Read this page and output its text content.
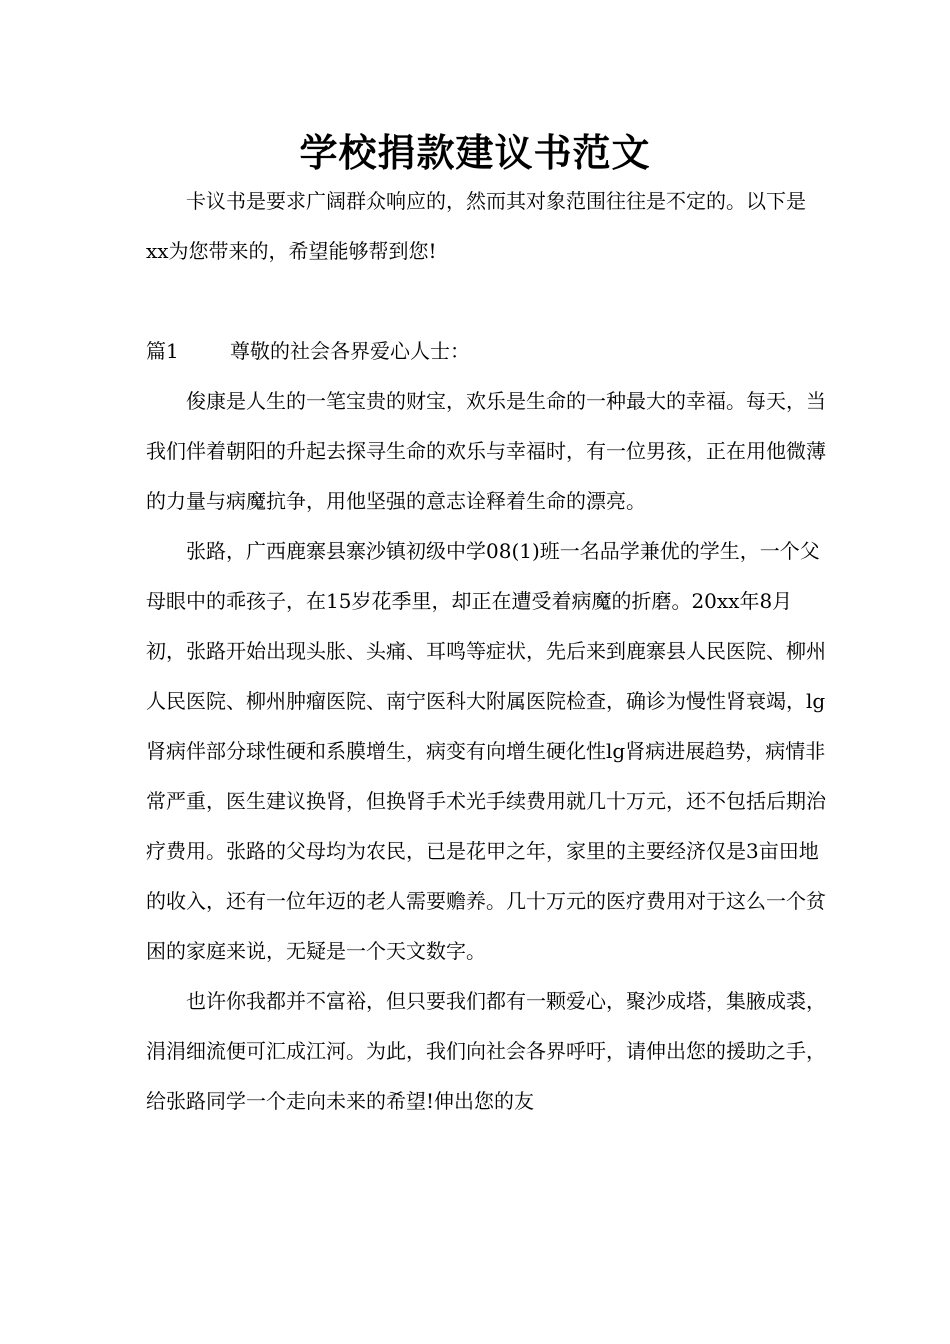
学校捐款建议书范文

卡议书是要求广阔群众响应的，然而其对象范围往往是不定的。以下是xx为您带来的，希望能够帮到您!

篇1	尊敬的社会各界爱心人士：

俊康是人生的一笔宝贵的财宝，欢乐是生命的一种最大的幸福。每天，当我们伴着朝阳的升起去探寻生命的欢乐与幸福时，有一位男孩，正在用他微薄的力量与病魔抗争，用他坚强的意志诠释着生命的漂亮。

张路，广西鹿寨县寨沙镇初级中学08(1)班一名品学兼优的学生，一个父母眼中的乖孩子，在15岁花季里，却正在遭受着病魔的折磨。20xx年8月初，张路开始出现头胀、头痛、耳鸣等症状，先后来到鹿寨县人民医院、柳州人民医院、柳州肿瘤医院、南宁医科大附属医院检查，确诊为慢性肾衰竭，lg肾病伴部分球性硬和系膜增生，病变有向增生硬化性lg肾病进展趋势，病情非常严重，医生建议换肾，但换肾手术光手续费用就几十万元，还不包括后期治疗费用。张路的父母均为农民，已是花甲之年，家里的主要经济仅是3亩田地的收入，还有一位年迈的老人需要赡养。几十万元的医疗费用对于这么一个贫困的家庭来说，无疑是一个天文数字。

也许你我都并不富裕，但只要我们都有一颗爱心，聚沙成塔，集腋成裘，涓涓细流便可汇成江河。为此，我们向社会各界呼吁，请伸出您的援助之手，给张路同学一个走向未来的希望!伸出您的友
